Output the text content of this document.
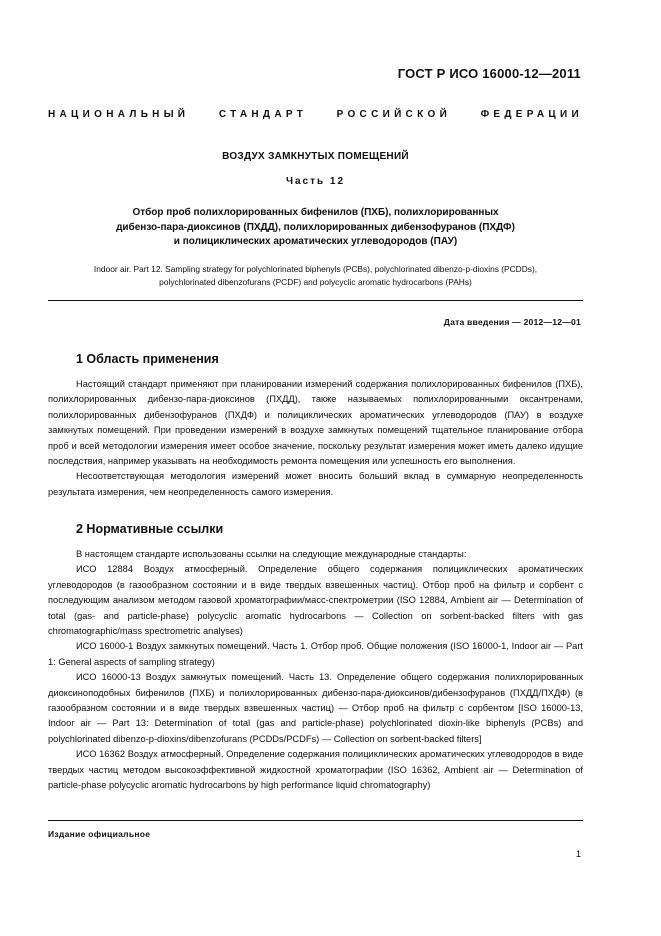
ГОСТ Р ИСО 16000-12—2011
НАЦИОНАЛЬНЫЙ	СТАНДАРТ	РОССИЙСКОЙ	ФЕДЕРАЦИИ
ВОЗДУХ ЗАМКНУТЫХ ПОМЕЩЕНИЙ
Часть 12
Отбор проб полихлорированных бифенилов (ПХБ), полихлорированных
дибензо-пара-диоксинов (ПХДД), полихлорированных дибензофуранов (ПХДФ)
и полициклических ароматических углеводородов (ПАУ)
Indoor air. Part 12. Sampling strategy for polychlorinated biphenyls (PCBs), polychlorinated dibenzo-p-dioxins (PCDDs),
polychlorinated dibenzofurans (PCDF) and polycyclic aromatic hydrocarbons (PAHs)
Дата введения — 2012—12—01
1 Область применения

Настоящий стандарт применяют при планировании измерений содержания полихлорированных бифенилов (ПХБ), полихлорированных дибензо-пара-диоксинов (ПХДД), также называемых полихлорированными оксантренами, полихлорированных дибензофуранов (ПХДФ) и полициклических ароматических углеводородов (ПАУ) в воздухе замкнутых помещений. При проведении измерений в воздухе замкнутых помещений тщательное планирование отбора проб и всей методологии измерения имеет особое значение, поскольку результат измерения может иметь далеко идущие последствия, например указывать на необходимость ремонта помещения или успешность его выполнения.

Несоответствующая методология измерений может вносить больший вклад в суммарную неопределенность результата измерения, чем неопределенность самого измерения.

2 Нормативные ссылки

В настоящем стандарте использованы ссылки на следующие международные стандарты:

ИСО 12884 Воздух атмосферный. Определение общего содержания полициклических ароматических углеводородов (в газообразном состоянии и в виде твердых взвешенных частиц). Отбор проб на фильтр и сорбент с последующим анализом методом газовой хроматографии/масс-спектрометрии (ISO 12884, Ambient air — Determination of total (gas- and particle-phase) polycyclic aromatic hydrocarbons — Collection on sorbent-backed filters with gas chromatographic/mass spectrometric analyses)

ИСО 16000-1 Воздух замкнутых помещений. Часть 1. Отбор проб. Общие положения (ISO 16000-1, Indoor air — Part 1: General aspects of sampling strategy)

ИСО 16000-13 Воздух замкнутых помещений. Часть 13. Определение общего содержания полихлорированных диоксиноподобных бифенилов (ПХБ) и полихлорированных дибензо-пара-диоксинов/дибензофуранов (ПХДД/ПХДФ) (в газообразном состоянии и в виде твердых взвешенных частиц) — Отбор проб на фильтр с сорбентом [ISO 16000-13, Indoor air — Part 13: Determination of total (gas and particle-phase) polychlorinated dioxin-like biphenyls (PCBs) and polychlorinated dibenzo-p-dioxins/dibenzofurans (PCDDs/PCDFs) — Collection on sorbent-backed filters]

ИСО 16362 Воздух атмосферный. Определение содержания полициклических ароматических углеводородов в виде твердых частиц методом высокоэффективной жидкостной хроматографии (ISO 16362, Ambient air — Determination of particle-phase polycyclic aromatic hydrocarbons by high performance liquid chromatography)

Издание официальное
1
